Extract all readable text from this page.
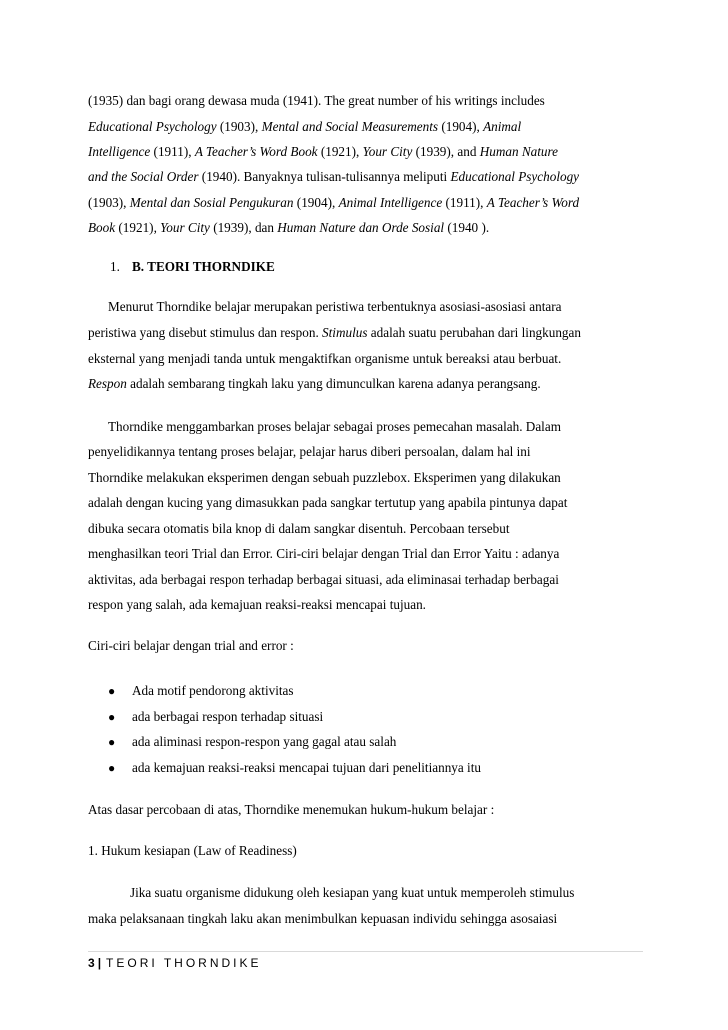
(1935) dan bagi orang dewasa muda (1941). The great number of his writings includes
Educational Psychology (1903), Mental and Social Measurements (1904), Animal
Intelligence (1911), A Teacher’s Word Book (1921), Your City (1939), and Human Nature
and the Social Order (1940). Banyaknya tulisan-tulisannya meliputi Educational Psychology
(1903), Mental dan Sosial Pengukuran (1904), Animal Intelligence (1911), A Teacher’s Word
Book (1921), Your City (1939), dan Human Nature dan Orde Sosial (1940 ).
1. B. TEORI THORNDIKE
Menurut Thorndike belajar merupakan peristiwa terbentuknya asosiasi-asosiasi antara
peristiwa yang disebut stimulus dan respon. Stimulus adalah suatu perubahan dari lingkungan
eksternal yang menjadi tanda untuk mengaktifkan organisme untuk bereaksi atau berbuat.
Respon adalah sembarang tingkah laku yang dimunculkan karena adanya perangsang.
Thorndike menggambarkan proses belajar sebagai proses pemecahan masalah. Dalam
penyelidikannya tentang proses belajar, pelajar harus diberi persoalan, dalam hal ini
Thorndike melakukan eksperimen dengan sebuah puzzlebox. Eksperimen yang dilakukan
adalah dengan kucing yang dimasukkan pada sangkar tertutup yang apabila pintunya dapat
dibuka secara otomatis bila knop di dalam sangkar disentuh. Percobaan tersebut
menghasilkan teori Trial dan Error. Ciri-ciri belajar dengan Trial dan Error Yaitu : adanya
aktivitas, ada berbagai respon terhadap berbagai situasi, ada eliminasai terhadap berbagai
respon yang salah, ada kemajuan reaksi-reaksi mencapai tujuan.
Ciri-ciri belajar dengan trial and error :
● Ada motif pendorong aktivitas
● ada berbagai respon terhadap situasi
● ada aliminasi respon-respon yang gagal atau salah
● ada kemajuan reaksi-reaksi mencapai tujuan dari penelitiannya itu
Atas dasar percobaan di atas, Thorndike menemukan hukum-hukum belajar :
1. Hukum kesiapan (Law of Readiness)
Jika suatu organisme didukung oleh kesiapan yang kuat untuk memperoleh stimulus
maka pelaksanaan tingkah laku akan menimbulkan kepuasan individu sehingga asosaiasi
3 | TEORI THORNDIKE
